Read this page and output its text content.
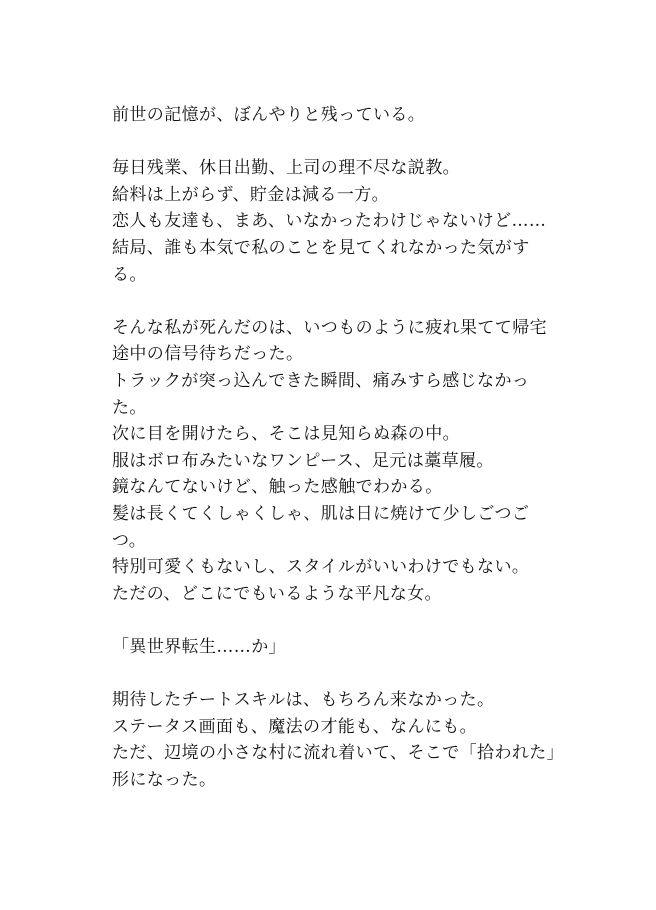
前世の記憶が、ぼんやりと残っている。
毎日残業、休日出勤、上司の理不尽な説教。
給料は上がらず、貯金は減る一方。
恋人も友達も、まあ、いなかったわけじゃないけど……
結局、誰も本気で私のことを見てくれなかった気がす
る。
そんな私が死んだのは、いつものように疲れ果てて帰宅
途中の信号待ちだった。
トラックが突っ込んできた瞬間、痛みすら感じなかっ
た。
次に目を開けたら、そこは見知らぬ森の中。
服はボロ布みたいなワンピース、足元は藁草履。
鏡なんてないけど、触った感触でわかる。
髪は長くてくしゃくしゃ、肌は日に焼けて少しごつご
つ。
特別可愛くもないし、スタイルがいいわけでもない。
ただの、どこにでもいるような平凡な女。
「異世界転生……か」
期待したチートスキルは、もちろん来なかった。
ステータス画面も、魔法の才能も、なんにも。
ただ、辺境の小さな村に流れ着いて、そこで「拾われた」
形になった。
